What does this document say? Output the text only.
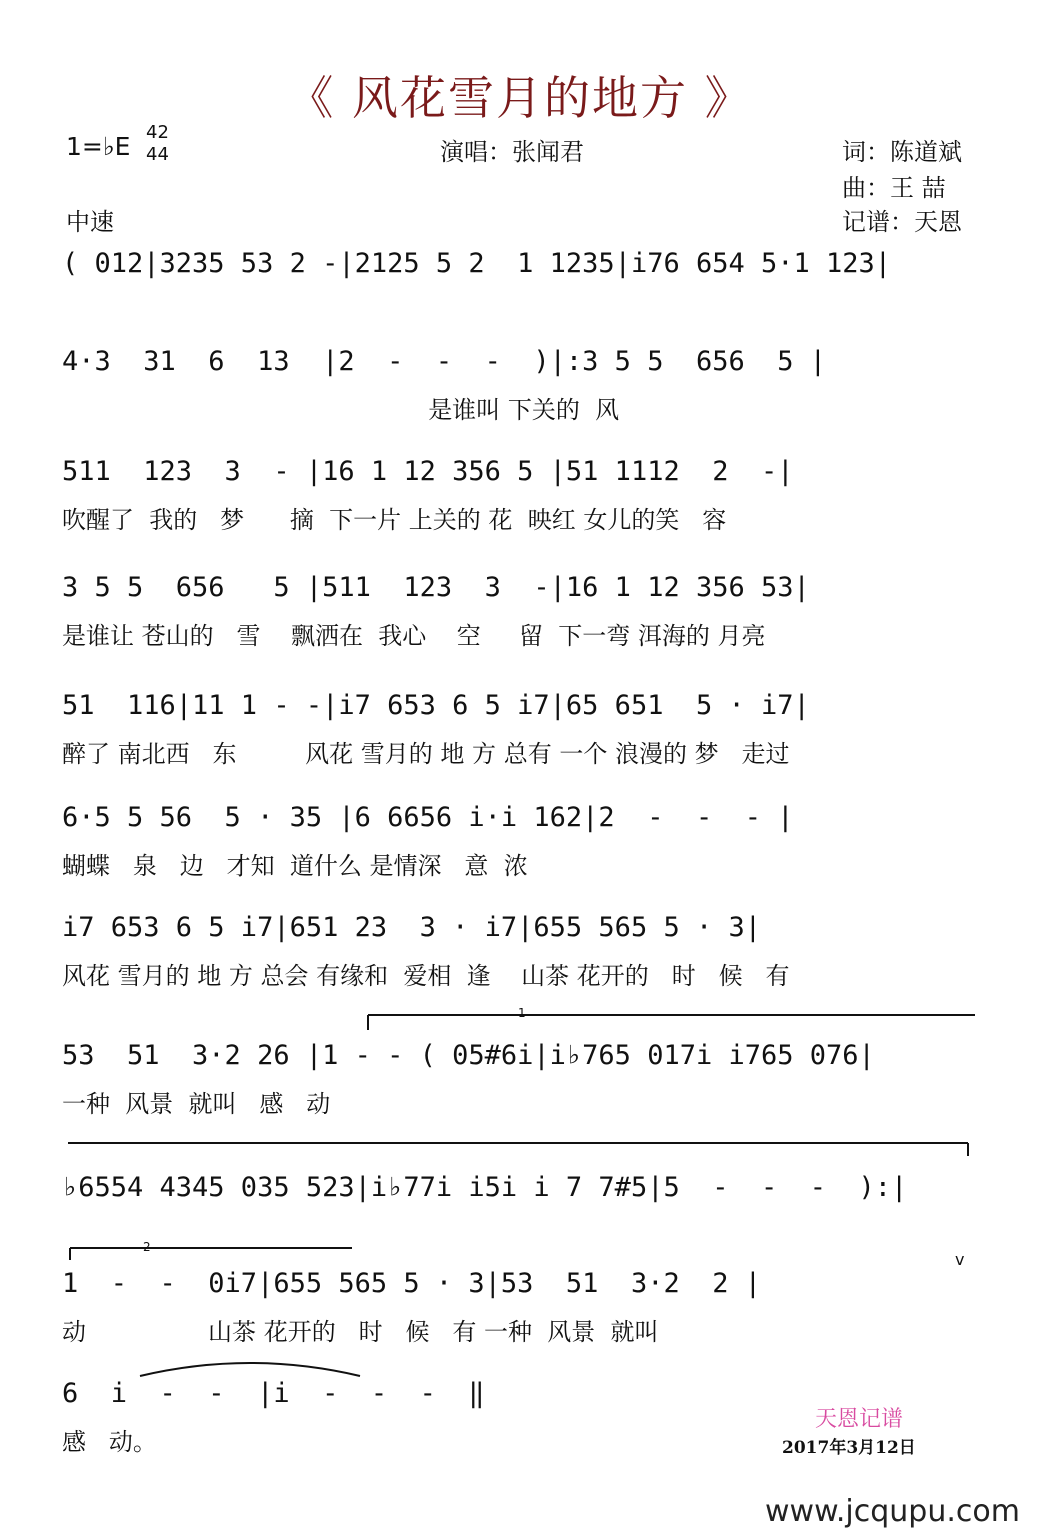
《 风花雪月的地方 》
1=♭E 42
44	演唱：张闻君	词：陈道斌
曲：王 喆
中速	记谱：天恩
( 012|3235 53 2 -|2125 5 2  1 1235|i76 654 5·1 123|
4·3  31  6  13  |2  -  -  -  )|:3 5 5  656  5 |
是谁叫 下关的  风
511  123  3  - |16 1 12 356 5 |51 1112  2  -|
吹醒了  我的   梦      摘  下一片 上关的 花  映红 女儿的笑   容
3 5 5  656   5 |511  123  3  -|16 1 12 356 53|
是谁让 苍山的   雪    飘洒在  我心    空     留  下一弯 洱海的 月亮
51  116|11 1 - -|i7 653 6 5 i7|65 651  5 · i7|
醉了 南北西   东         风花 雪月的 地 方 总有 一个 浪漫的 梦   走过
6·5 5 56  5 · 35 |6 6656 i·i 162|2  -  -  - |
蝴蝶   泉   边   才知  道什么 是情深   意  浓
i7 653 6 5 i7|651 23  3 · i7|655 565 5 · 3|
风花 雪月的 地 方 总会 有缘和  爱相  逢    山茶 花开的   时   候   有
53  51  3·2 26 |1 - - ( 05#6i|i♭765 017i i765 076|
一种  风景  就叫   感   动
♭6554 4345 035 523|i♭77i i5i i 7 7#5|5  -  -  -  ):|
1  -  -  0i7|655 565 5 · 3|53  51  3·2  2 |
动                山茶 花开的   时   候   有 一种  风景  就叫
6  i  -  -  |i  -  -  -  ‖
感   动。
1
2
v
天恩记谱
2017年3月12日
www.jcqupu.com
